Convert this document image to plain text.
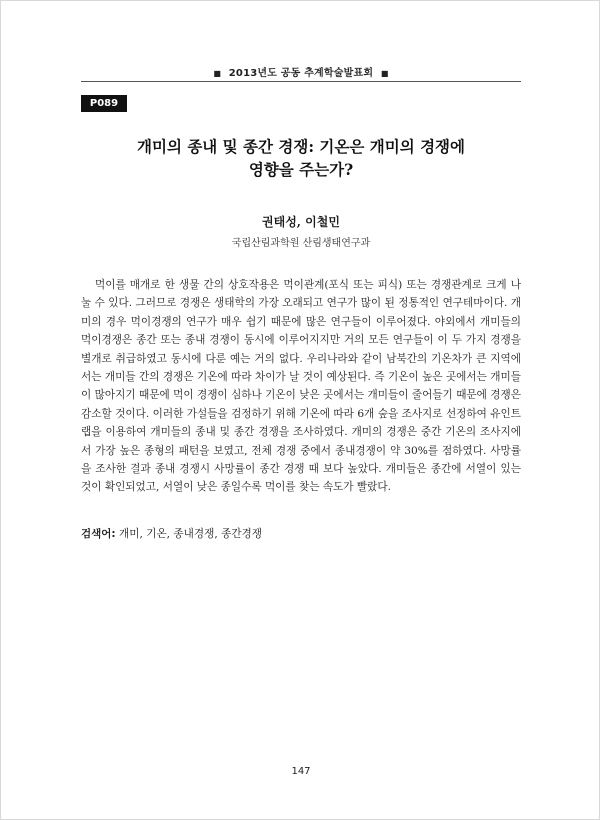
■ 2013년도 공동 추계학술발표회 ■
P089
개미의 종내 및 종간 경쟁: 기온은 개미의 경쟁에
영향을 주는가?
권태성, 이철민
국립산림과학원 산림생태연구과

먹이를 매개로 한 생물 간의 상호작용은 먹이관계(포식 또는 피식) 또는 경쟁관계로 크게 나눌 수 있다. 그러므로 경쟁은 생태학의 가장 오래되고 연구가 많이 된 정통적인 연구테마이다. 개미의 경우 먹이경쟁의 연구가 매우 쉽기 때문에 많은 연구들이 이루어졌다. 야외에서 개미들의 먹이경쟁은 종간 또는 종내 경쟁이 동시에 이루어지지만 거의 모든 연구들이 이 두 가지 경쟁을 별개로 취급하였고 동시에 다룬 예는 거의 없다. 우리나라와 같이 남북간의 기온차가 큰 지역에서는 개미들 간의 경쟁은 기온에 따라 차이가 날 것이 예상된다. 즉 기온이 높은 곳에서는 개미들이 많아지기 때문에 먹이 경쟁이 심하나 기온이 낮은 곳에서는 개미들이 줄어들기 때문에 경쟁은 감소할 것이다. 이러한 가설들을 검정하기 위해 기온에 따라 6개 숲을 조사지로 선정하여 유인트랩을 이용하여 개미들의 종내 및 종간 경쟁을 조사하였다. 개미의 경쟁은 중간 기온의 조사지에서 가장 높은 종형의 패턴을 보였고, 전체 경쟁 중에서 종내경쟁이 약 30%를 점하였다. 사망률을 조사한 결과 종내 경쟁시 사망률이 종간 경쟁 때 보다 높았다. 개미들은 종간에 서열이 있는 것이 확인되었고, 서열이 낮은 종일수록 먹이를 찾는 속도가 빨랐다.

검색어: 개미, 기온, 종내경쟁, 종간경쟁
147
